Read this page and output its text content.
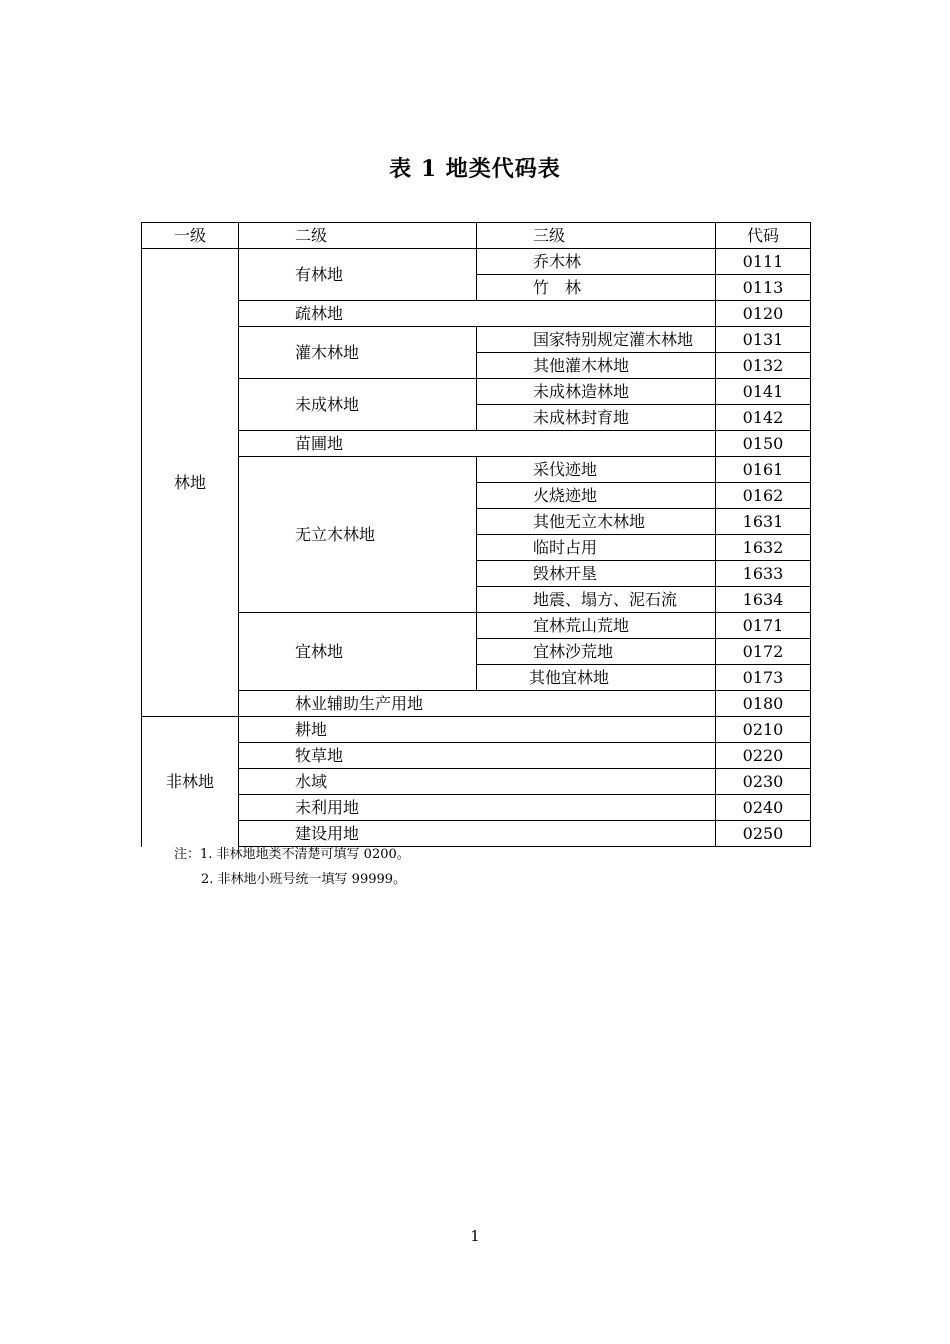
表 1 地类代码表
一级	二级	三级	代码
林地	有林地	乔木林	0111
		竹　林	0113
	疏林地		0120
	灌木林地	国家特别规定灌木林地	0131
		其他灌木林地	0132
	未成林地	未成林造林地	0141
		未成林封育地	0142
	苗圃地		0150
	无立木林地	采伐迹地	0161
		火烧迹地	0162
		其他无立木林地	1631
		临时占用	1632
		毁林开垦	1633
		地震、塌方、泥石流	1634
	宜林地	宜林荒山荒地	0171
		宜林沙荒地	0172
		其他宜林地	0173
	林业辅助生产用地		0180
非林地	耕地		0210
	牧草地		0220
	水域		0230
	未利用地		0240
	建设用地		0250
注：1. 非林地地类不清楚可填写 0200。
2. 非林地小班号统一填写 99999。
1
